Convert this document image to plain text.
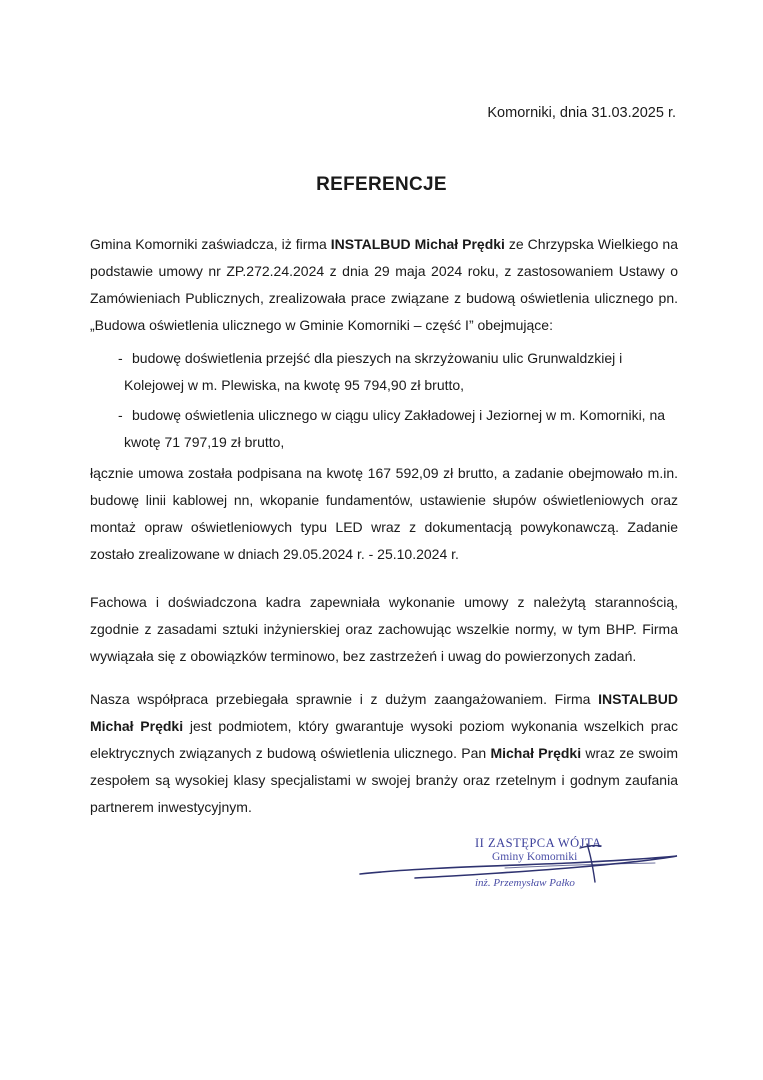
Komorniki, dnia 31.03.2025 r.
REFERENCJE
Gmina Komorniki zaświadcza, iż firma INSTALBUD Michał Prędki ze Chrzypska Wielkiego na podstawie umowy nr ZP.272.24.2024 z dnia 29 maja 2024 roku, z zastosowaniem Ustawy o Zamówieniach Publicznych, zrealizowała prace związane z budową oświetlenia ulicznego pn. „Budowa oświetlenia ulicznego w Gminie Komorniki – część I” obejmujące:
- budowę doświetlenia przejść dla pieszych na skrzyżowaniu ulic Grunwaldzkiej i
Kolejowej w m. Plewiska, na kwotę 95 794,90 zł brutto,
- budowę oświetlenia ulicznego w ciągu ulicy Zakładowej i Jeziornej w m. Komorniki, na
kwotę 71 797,19 zł brutto,
łącznie umowa została podpisana na kwotę 167 592,09 zł brutto, a zadanie obejmowało m.in. budowę linii kablowej nn, wkopanie fundamentów, ustawienie słupów oświetleniowych oraz montaż opraw oświetleniowych typu LED wraz z dokumentacją powykonawczą. Zadanie zostało zrealizowane w dniach 29.05.2024 r. - 25.10.2024 r.
Fachowa i doświadczona kadra zapewniała wykonanie umowy z należytą starannością, zgodnie z zasadami sztuki inżynierskiej oraz zachowując wszelkie normy, w tym BHP. Firma wywiązała się z obowiązków terminowo, bez zastrzeżeń i uwag do powierzonych zadań.
Nasza współpraca przebiegała sprawnie i z dużym zaangażowaniem. Firma INSTALBUD Michał Prędki jest podmiotem, który gwarantuje wysoki poziom wykonania wszelkich prac elektrycznych związanych z budową oświetlenia ulicznego. Pan Michał Prędki wraz ze swoim zespołem są wysokiej klasy specjalistami w swojej branży oraz rzetelnym i godnym zaufania partnerem inwestycyjnym.
II ZASTĘPCA WÓJTA
Gminy Komorniki
inż. Przemysław Pałko
